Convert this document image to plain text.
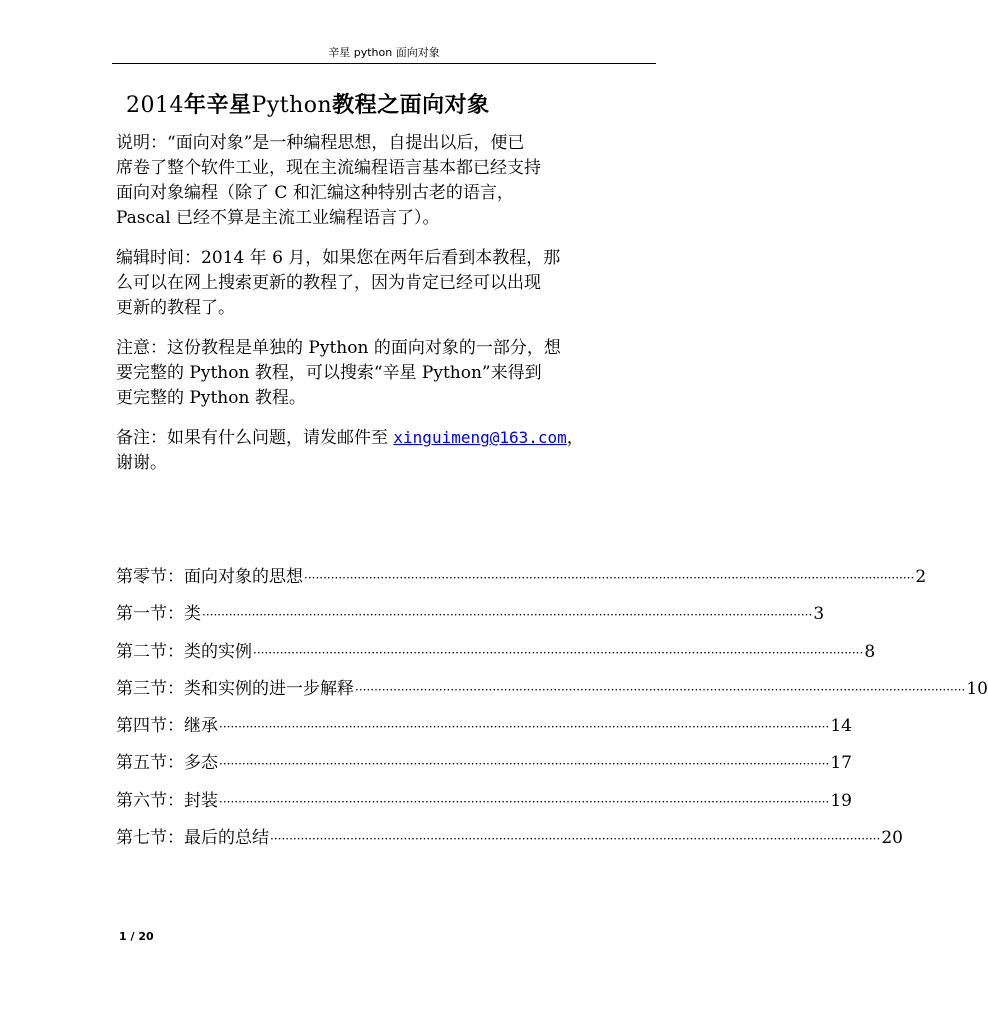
辛星 python 面向对象
2014年辛星Python教程之面向对象
说明：“面向对象”是一种编程思想，自提出以后，便已
席卷了整个软件工业，现在主流编程语言基本都已经支持
面向对象编程（除了 C 和汇编这种特别古老的语言，
Pascal 已经不算是主流工业编程语言了）。
编辑时间：2014 年 6 月，如果您在两年后看到本教程，那
么可以在网上搜索更新的教程了，因为肯定已经可以出现
更新的教程了。
注意：这份教程是单独的 Python 的面向对象的一部分，想
要完整的 Python 教程，可以搜索“辛星 Python”来得到
更完整的 Python 教程。
备注：如果有什么问题，请发邮件至 xinguimeng@163.com，
谢谢。
第零节：面向对象的思想 ································································································································································ 2
第一节：类 ································································································································································ 3
第二节：类的实例 ································································································································································ 8
第三节：类和实例的进一步解释 ································································································································································ 10
第四节：继承 ································································································································································ 14
第五节：多态 ································································································································································ 17
第六节：封装 ································································································································································ 19
第七节：最后的总结 ································································································································································ 20
1 / 20
